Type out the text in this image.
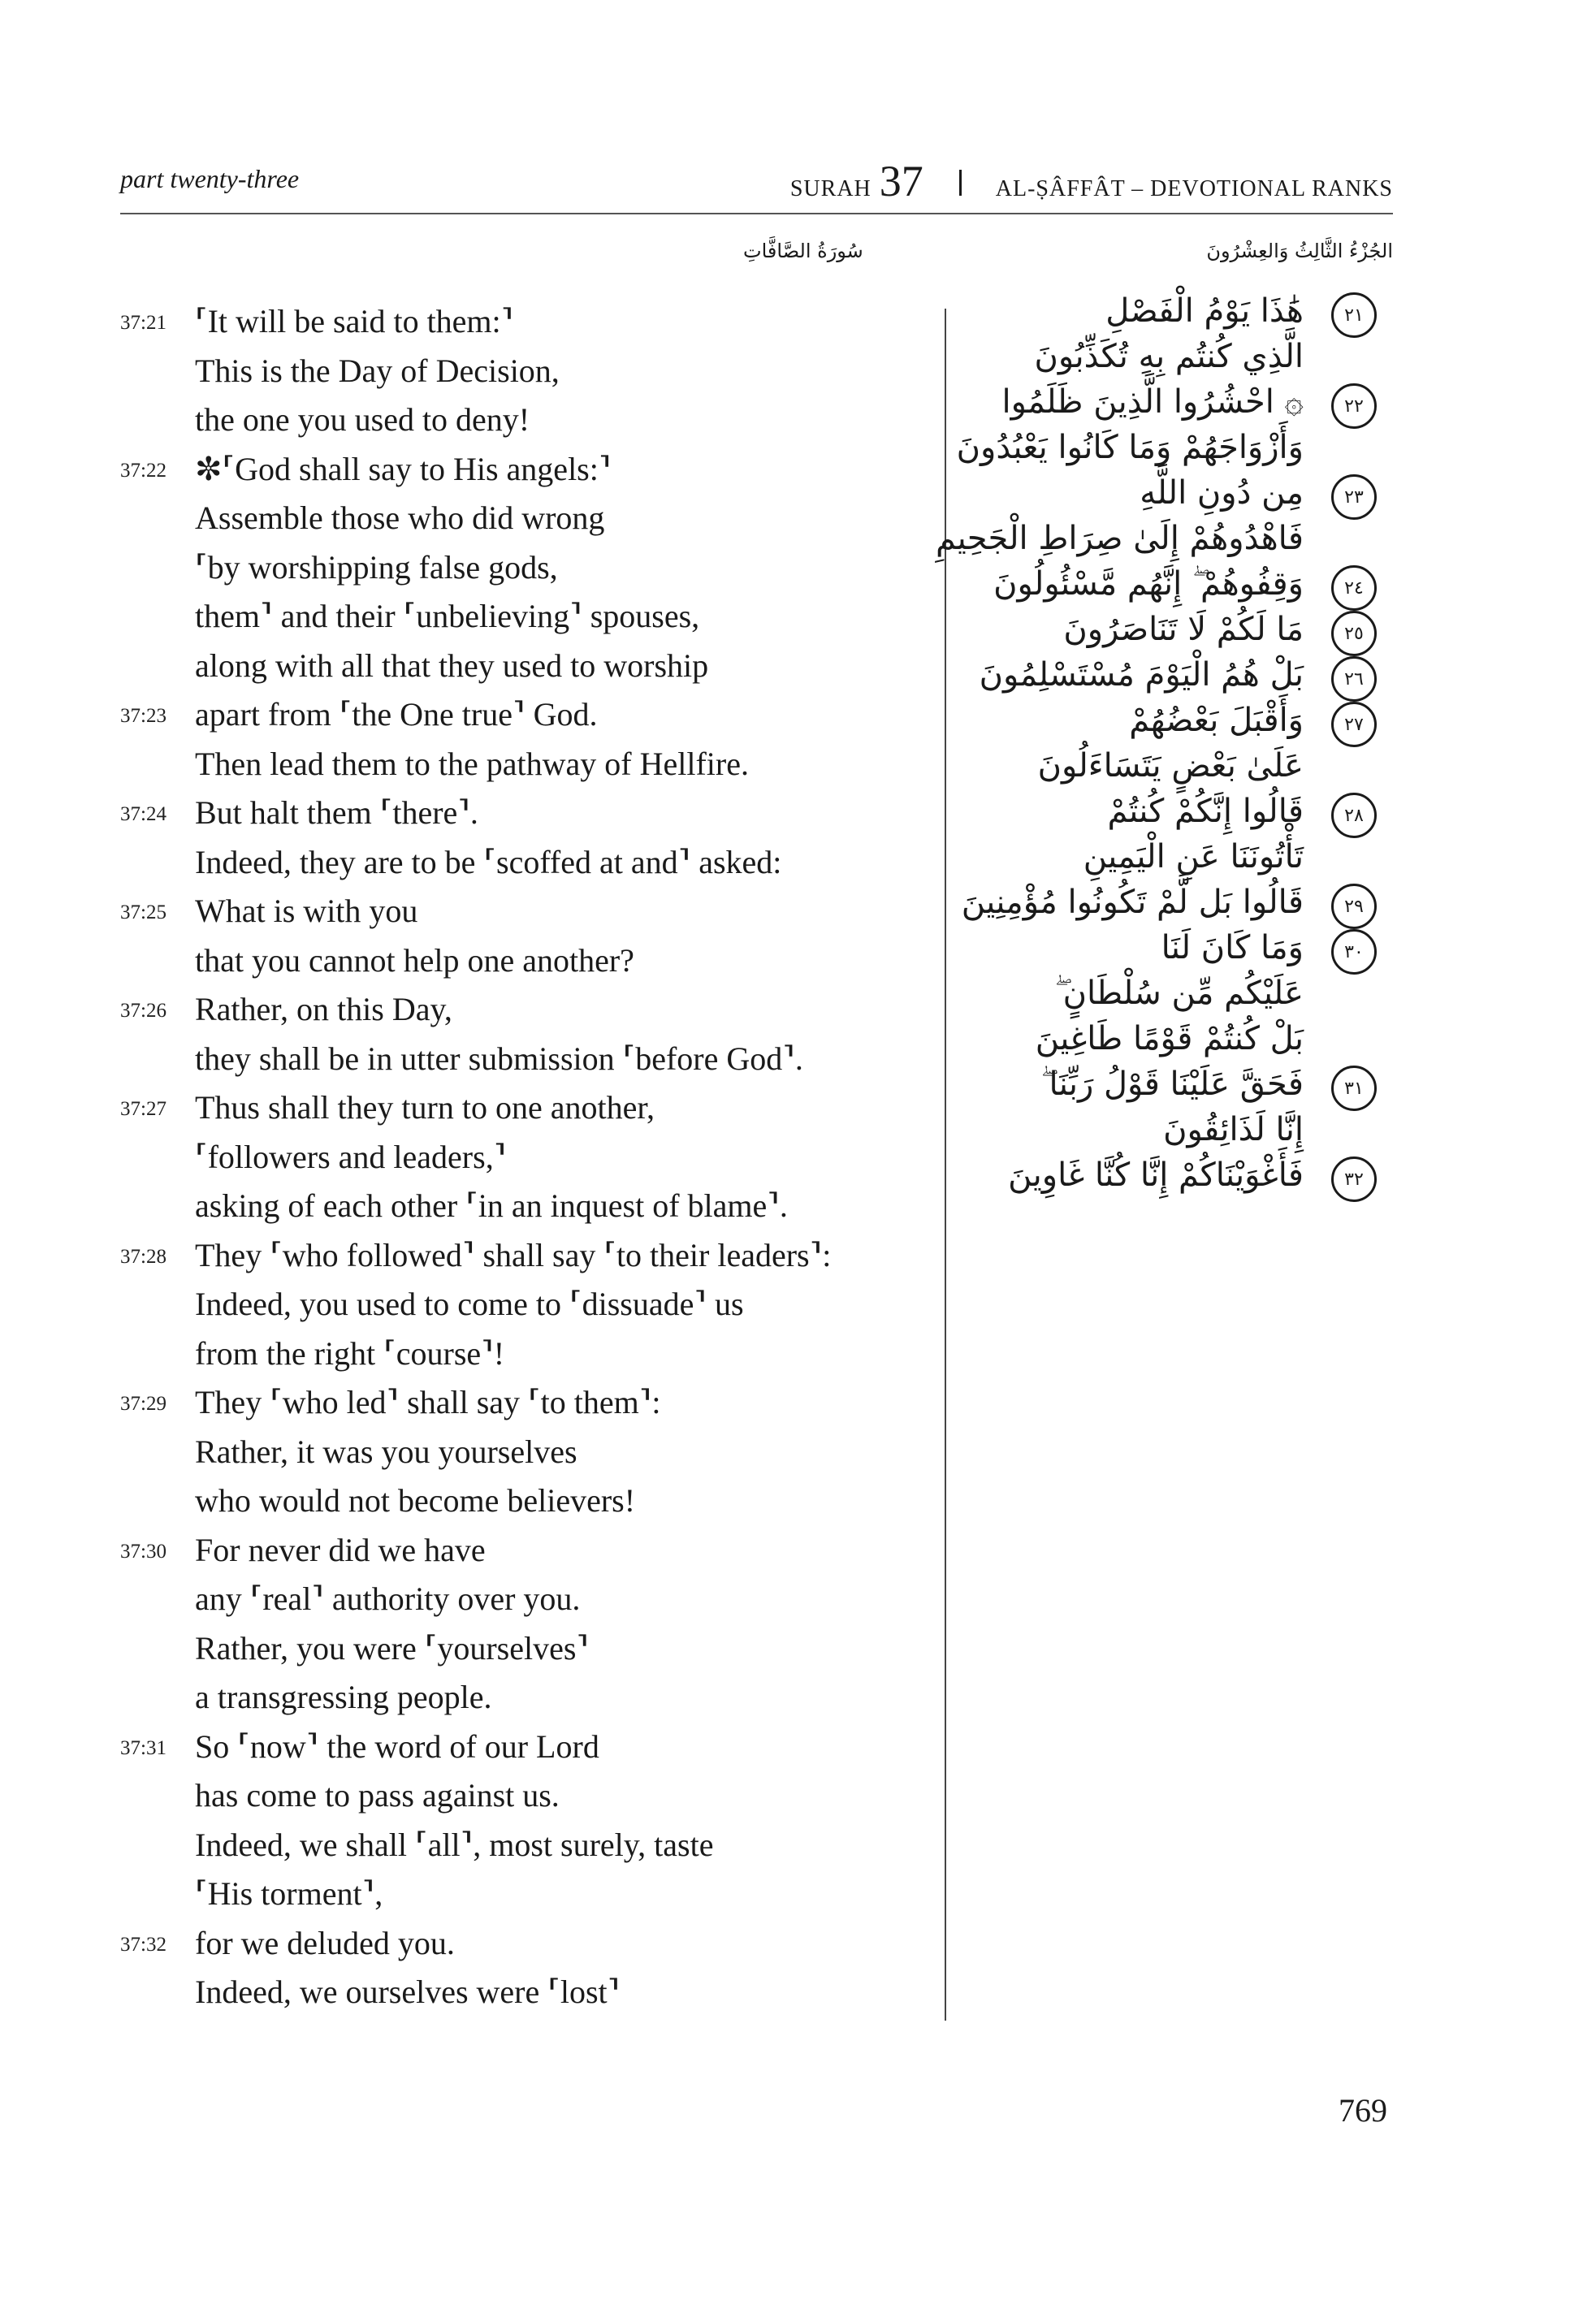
part twenty-three	SURAH 37	AL-ṢÂFFÂT – DEVOTIONAL RANKS
الجُزْءُ الثَّالِثُ وَالعِشْرُونَ
سُورَةُ الصَّافَّاتِ
37:21 ⸢It will be said to them:⸣
This is the Day of Decision,
the one you used to deny!
37:22 ✼⸢God shall say to His angels:⸣
Assemble those who did wrong
⸢by worshipping false gods,
them⸣ and their ⸢unbelieving⸣ spouses,
along with all that they used to worship
37:23 apart from ⸢the One true⸣ God.
Then lead them to the pathway of Hellfire.
37:24 But halt them ⸢there⸣.
Indeed, they are to be ⸢scoffed at and⸣ asked:
37:25 What is with you
that you cannot help one another?
37:26 Rather, on this Day,
they shall be in utter submission ⸢before God⸣.
37:27 Thus shall they turn to one another,
⸢followers and leaders,⸣
asking of each other ⸢in an inquest of blame⸣.
37:28 They ⸢who followed⸣ shall say ⸢to their leaders⸣:
Indeed, you used to come to ⸢dissuade⸣ us
from the right ⸢course⸣!
37:29 They ⸢who led⸣ shall say ⸢to them⸣:
Rather, it was you yourselves
who would not become believers!
37:30 For never did we have
any ⸢real⸣ authority over you.
Rather, you were ⸢yourselves⸣
a transgressing people.
37:31 So ⸢now⸣ the word of our Lord
has come to pass against us.
Indeed, we shall ⸢all⸣, most surely, taste
⸢His torment⸣,
37:32 for we deluded you.
Indeed, we ourselves were ⸢lost⸣
٢١
هَٰذَا يَوْمُ الْفَصْلِ
الَّذِي كُنتُم بِهِ تُكَذِّبُونَ
٢٢
۞ احْشُرُوا الَّذِينَ ظَلَمُوا
وَأَزْوَاجَهُمْ وَمَا كَانُوا يَعْبُدُونَ
٢٣
مِن دُونِ اللَّهِ
فَاهْدُوهُمْ إِلَىٰ صِرَاطِ الْجَحِيمِ
٢٤
وَقِفُوهُمْ ۖ إِنَّهُم مَّسْئُولُونَ
٢٥
مَا لَكُمْ لَا تَنَاصَرُونَ
٢٦
بَلْ هُمُ الْيَوْمَ مُسْتَسْلِمُونَ
٢٧
وَأَقْبَلَ بَعْضُهُمْ
عَلَىٰ بَعْضٍ يَتَسَاءَلُونَ
٢٨
قَالُوا إِنَّكُمْ كُنتُمْ
تَأْتُونَنَا عَنِ الْيَمِينِ
٢٩
قَالُوا بَل لَّمْ تَكُونُوا مُؤْمِنِينَ
٣٠
وَمَا كَانَ لَنَا
عَلَيْكُم مِّن سُلْطَانٍ ۖ
بَلْ كُنتُمْ قَوْمًا طَاغِينَ
٣١
فَحَقَّ عَلَيْنَا قَوْلُ رَبِّنَا ۖ
إِنَّا لَذَائِقُونَ
٣٢
فَأَغْوَيْنَاكُمْ إِنَّا كُنَّا غَاوِينَ
769
